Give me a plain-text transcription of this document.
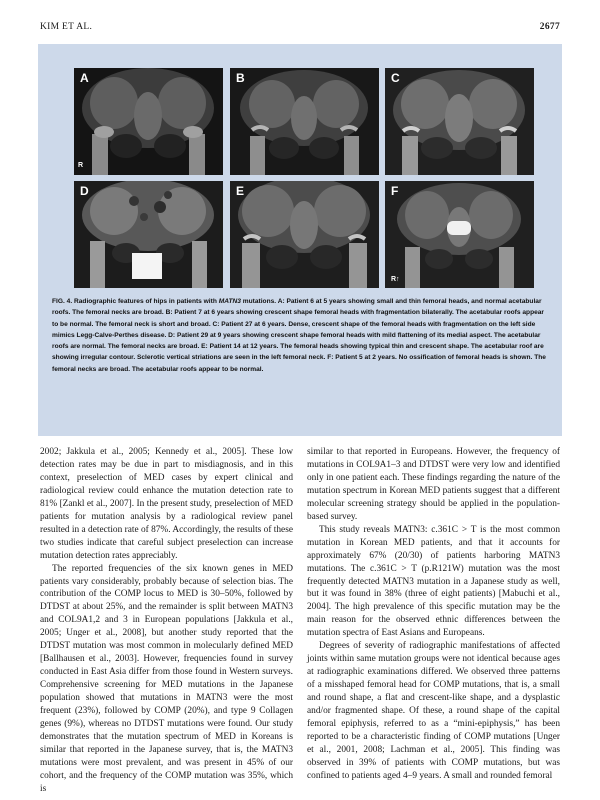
KIM ET AL.	2677
A
R
B	C
D	E	F
R↑
FIG. 4. Radiographic features of hips in patients with MATN3 mutations. A: Patient 6 at 5 years showing small and thin femoral heads, and normal acetabular roofs. The femoral necks are broad. B: Patient 7 at 6 years showing crescent shape femoral heads with fragmentation bilaterally. The acetabular roofs appear to be normal. The femoral neck is short and broad. C: Patient 27 at 6 years. Dense, crescent shape of the femoral heads with fragmentation on the left side mimics Legg-Calve-Perthes disease. D: Patient 29 at 9 years showing crescent shape femoral heads with mild flattening of its medial aspect. The acetabular roofs are normal. The femoral necks are broad. E: Patient 14 at 12 years. The femoral heads showing typical thin and crescent shape. The acetabular roof are showing irregular contour. Sclerotic vertical striations are seen in the left femoral neck. F: Patient 5 at 2 years. No ossification of femoral heads is shown. The femoral necks are broad. The acetabular roofs appear to be normal.

2002; Jakkula et al., 2005; Kennedy et al., 2005]. These low detection rates may be due in part to misdiagnosis, and in this context, preselection of MED cases by expert clinical and radiological review could enhance the mutation detection rate to 81% [Zankl et al., 2007]. In the present study, preselection of MED patients for mutation analysis by a radiological review panel resulted in a detection rate of 87%. Accordingly, the results of these two studies indicate that careful subject preselection can increase mutation detection rates appreciably.

The reported frequencies of the six known genes in MED patients vary considerably, probably because of selection bias. The contribution of the COMP locus to MED is 30–50%, followed by DTDST at about 25%, and the remainder is split between MATN3 and COL9A1,2 and 3 in European populations [Jakkula et al., 2005; Unger et al., 2008], but another study reported that the DTDST mutation was most common in molecularly defined MED [Ballhausen et al., 2003]. However, frequencies found in survey conducted in East Asia differ from those found in Western surveys. Comprehensive screening for MED mutations in the Japanese population showed that mutations in MATN3 were the most frequent (23%), followed by COMP (20%), and type 9 Collagen genes (9%), whereas no DTDST mutations were found. Our study demonstrates that the mutation spectrum of MED in Koreans is similar that reported in the Japanese survey, that is, the MATN3 mutations were most prevalent, and was present in 45% of our cohort, and the frequency of the COMP mutation was 35%, which is

similar to that reported in Europeans. However, the frequency of mutations in COL9A1–3 and DTDST were very low and identified only in one patient each. These findings regarding the nature of the mutation spectrum in Korean MED patients suggest that a different molecular screening strategy should be applied in the population-based survey.

This study reveals MATN3: c.361C > T is the most common mutation in Korean MED patients, and that it accounts for approximately 67% (20/30) of patients harboring MATN3 mutations. The c.361C > T (p.R121W) mutation was the most frequently detected MATN3 mutation in a Japanese study as well, but it was found in 38% (three of eight patients) [Mabuchi et al., 2004]. The high prevalence of this specific mutation may be the main reason for the observed ethnic differences between the mutation spectra of East Asians and Europeans.

Degrees of severity of radiographic manifestations of affected joints within same mutation groups were not identical because ages at radiographic examinations differed. We observed three patterns of a misshaped femoral head for COMP mutations, that is, a small and round shape, a flat and crescent-like shape, and a dysplastic and/or fragmented shape. Of these, a round shape of the capital femoral epiphysis, referred to as a “mini-epiphysis,” has been reported to be a characteristic finding of COMP mutations [Unger et al., 2001, 2008; Lachman et al., 2005]. This finding was observed in 39% of patients with COMP mutations, but was confined to patients aged 4–9 years. A small and rounded femoral
